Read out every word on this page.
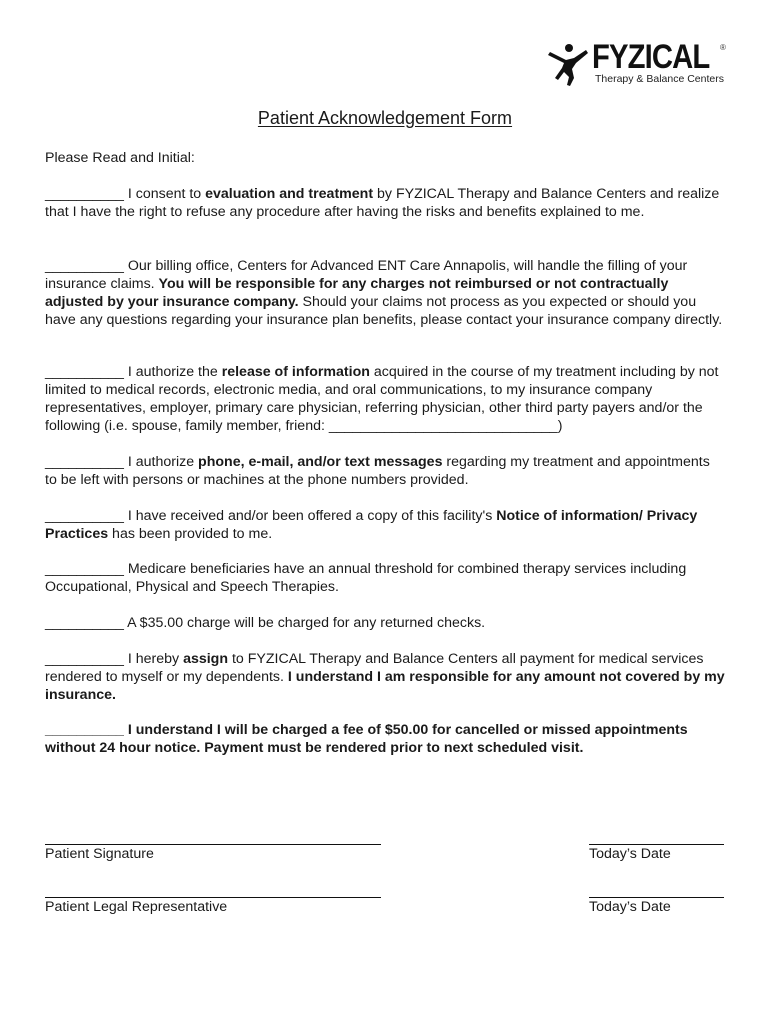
FYZICAL ®
Therapy & Balance Centers
Patient Acknowledgement Form
Please Read and Initial:
__________ I consent to evaluation and treatment by FYZICAL Therapy and Balance Centers and realize that I have the right to refuse any procedure after having the risks and benefits explained to me.
__________ Our billing office, Centers for Advanced ENT Care Annapolis, will handle the filling of your insurance claims. You will be responsible for any charges not reimbursed or not contractually adjusted by your insurance company. Should your claims not process as you expected or should you have any questions regarding your insurance plan benefits, please contact your insurance company directly.
__________ I authorize the release of information acquired in the course of my treatment including by not limited to medical records, electronic media, and oral communications, to my insurance company representatives, employer, primary care physician, referring physician, other third party payers and/or the following (i.e. spouse, family member, friend: _____________________________)
__________ I authorize phone, e-mail, and/or text messages regarding my treatment and appointments to be left with persons or machines at the phone numbers provided.
__________ I have received and/or been offered a copy of this facility's Notice of information/ Privacy Practices has been provided to me.
__________ Medicare beneficiaries have an annual threshold for combined therapy services including Occupational, Physical and Speech Therapies.
__________ A $35.00 charge will be charged for any returned checks.
__________ I hereby assign to FYZICAL Therapy and Balance Centers all payment for medical services rendered to myself or my dependents. I understand I am responsible for any amount not covered by my insurance.
__________ I understand I will be charged a fee of $50.00 for cancelled or missed appointments without 24 hour notice. Payment must be rendered prior to next scheduled visit.
Patient Signature	Today’s Date
Patient Legal Representative	Today’s Date
